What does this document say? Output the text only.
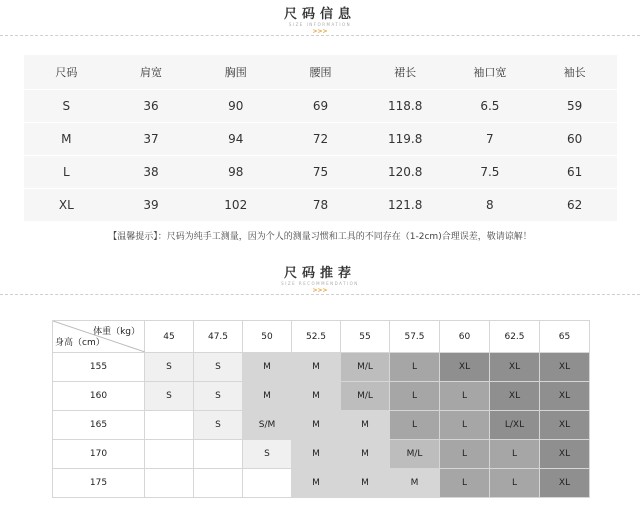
尺码信息
SIZE INFORMATION
>>>
尺码	肩宽	胸围	腰围	裙长	袖口宽	袖长
S	36	90	69	118.8	6.5	59
M	37	94	72	119.8	7	60
L	38	98	75	120.8	7.5	61
XL	39	102	78	121.8	8	62
【温馨提示】：尺码为纯手工测量，因为个人的测量习惯和工具的不同存在（1-2cm)合理误差，敬请谅解！
尺码推荐
SIZE RECOMMENDATION
>>>
体重（kg）
身高（cm）	45	47.5	50	52.5	55	57.5	60	62.5	65
155	S	S	M	M	M/L	L	XL	XL	XL
160	S	S	M	M	M/L	L	L	XL	XL
165		S	S/M	M	M	L	L	L/XL	XL
170			S	M	M	M/L	L	L	XL
175				M	M	M	L	L	XL
